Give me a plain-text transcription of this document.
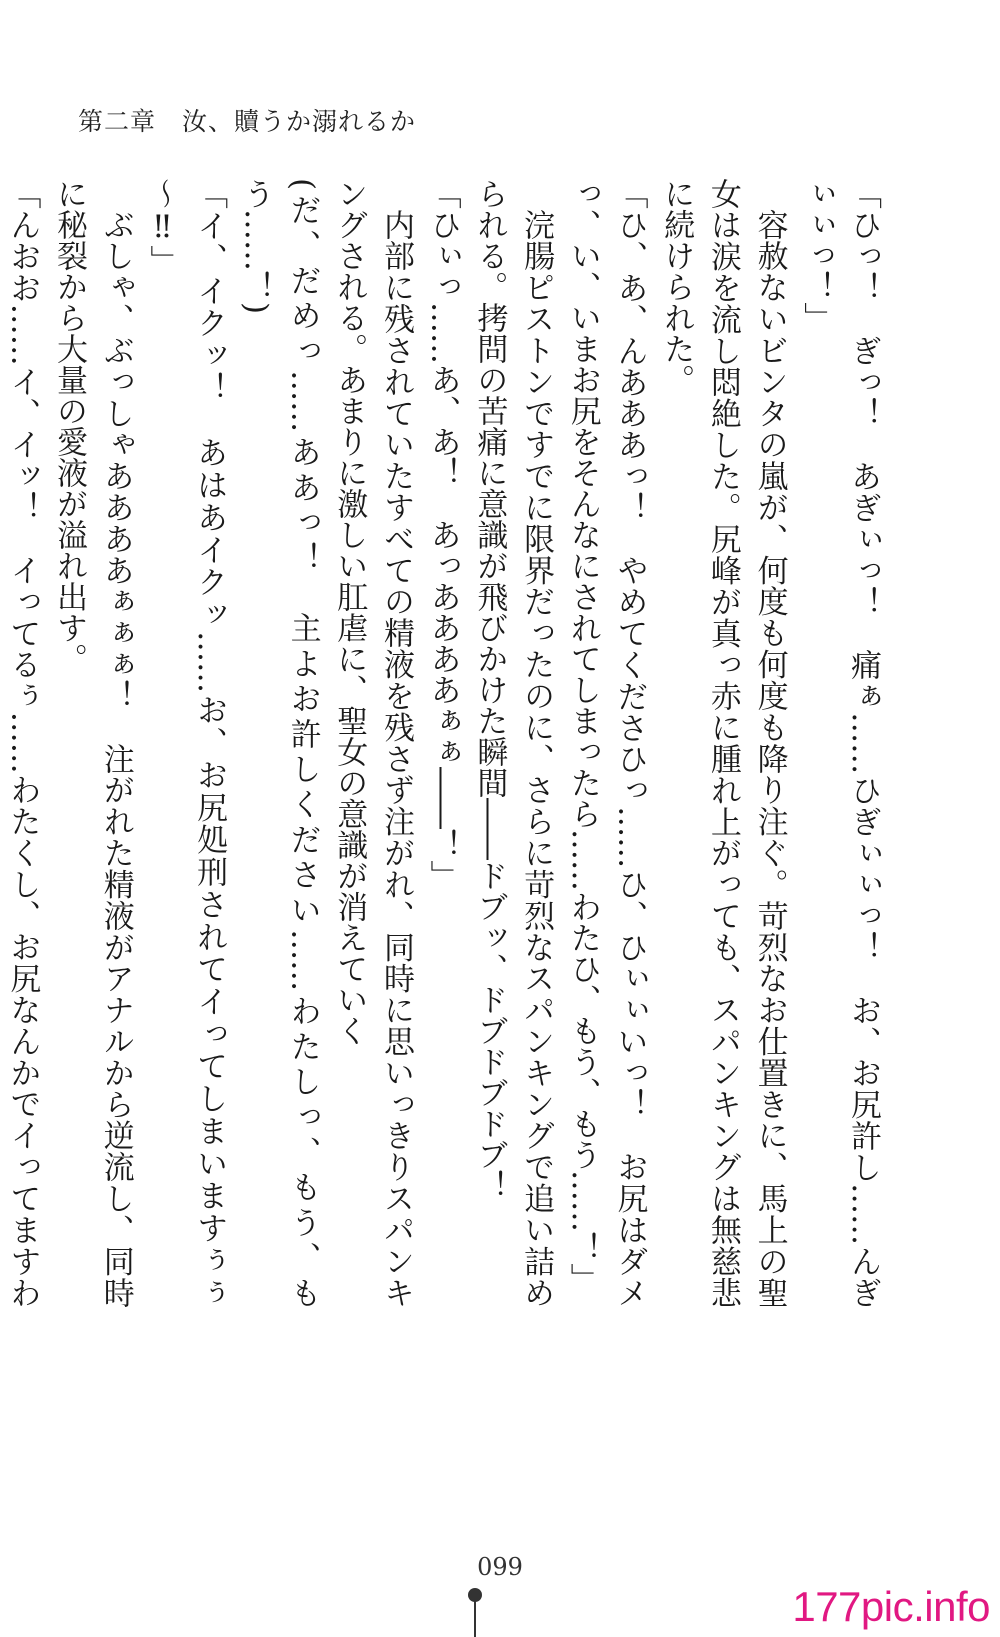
第二章　汝、贖うか溺れるか

「ひっ！　ぎっ！　あぎぃっ！　痛ぁ……ひぎぃぃっ！　お、お尻許し……んぎぃぃっ！」

容赦ないビンタの嵐が、何度も何度も降り注ぐ。苛烈なお仕置きに、馬上の聖女は涙を流し悶絶した。尻峰が真っ赤に腫れ上がっても、スパンキングは無慈悲に続けられた。

「ひ、あ、んあああっ！　やめてくださひっ……ひ、ひぃぃいっ！　お尻はダメっ、い、いまお尻をそんなにされてしまったら……わたひ、もう、もう……！」

浣腸ピストンですでに限界だったのに、さらに苛烈なスパンキングで追い詰められる。拷問の苦痛に意識が飛びかけた瞬間――ドブッ、ドブドブドブ！

「ひぃっ……あ、あ！　あっああああぁぁ――！」

内部に残されていたすべての精液を残さず注がれ、同時に思いっきりスパンキングされる。あまりに激しい肛虐に、聖女の意識が消えていく

(だ、だめっ……ああっ！　主よお許しください……わたしっ、もう、もう……！)

「イ、イクッ！　あはあイクッ……お、お尻処刑されてイってしまいますぅぅ～‼」

ぶしゃ、ぶっしゃああああぁぁぁ！　注がれた精液がアナルから逆流し、同時に秘裂から大量の愛液が溢れ出す。

「んおお……イ、イッ！　イってるぅ……わたくし、お尻なんかでイってますわ

099
177pic.info
